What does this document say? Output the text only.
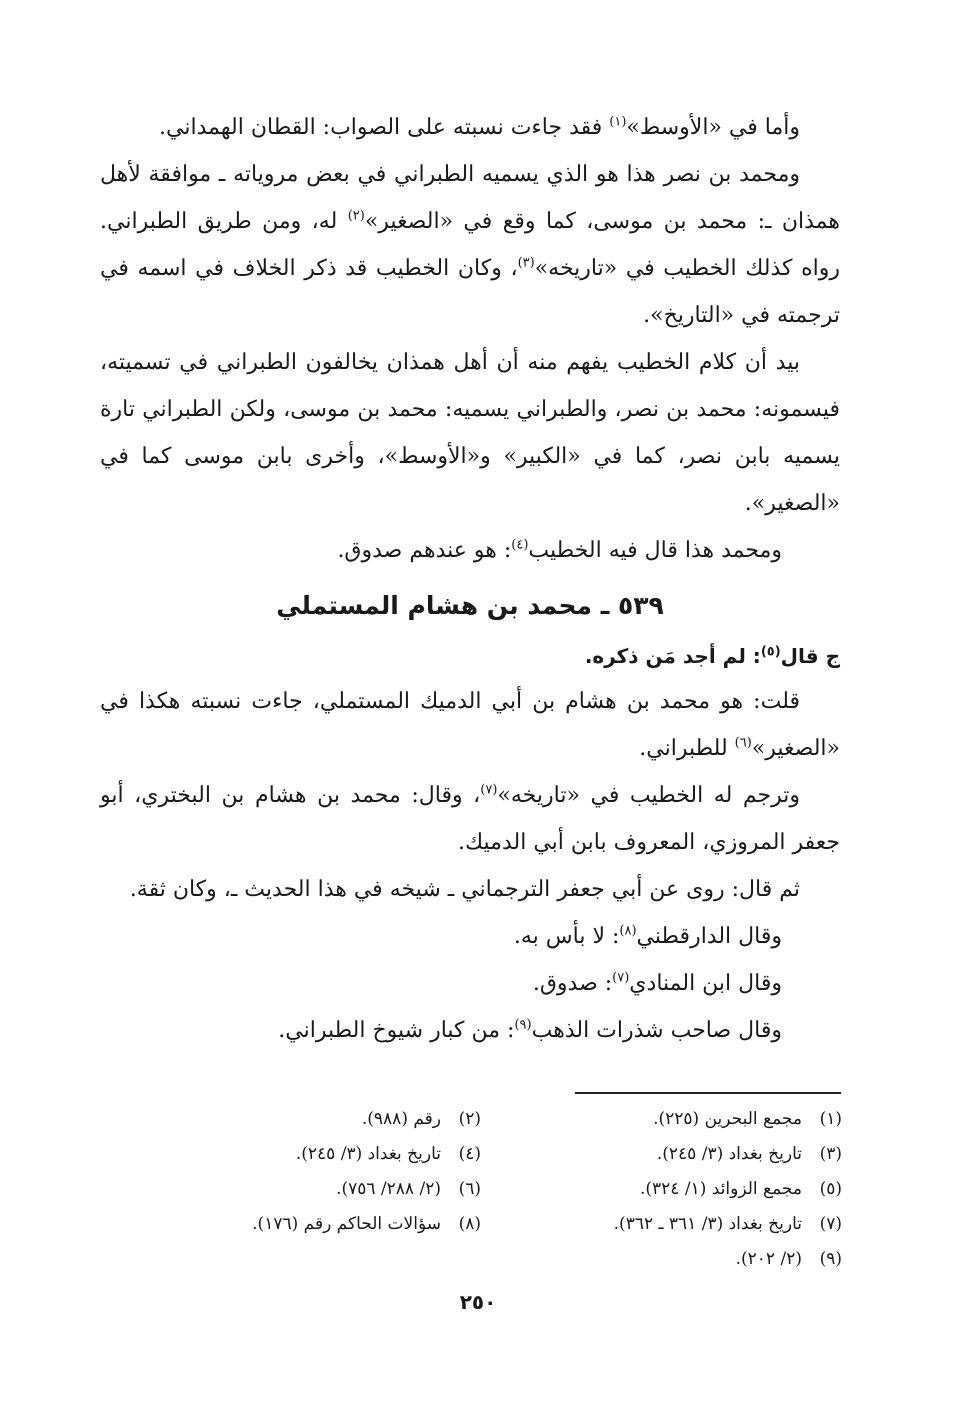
وأما في «الأوسط»$^{(١)}$ فقد جاءت نسبته على الصواب: القطان الهمداني.

ومحمد بن نصر هذا هو الذي يسميه الطبراني في بعض مروياته ـ موافقة لأهل همذان ـ: محمد بن موسى، كما وقع في «الصغير»$^{(٢)}$ له، ومن طريق الطبراني. رواه كذلك الخطيب في «تاريخه»$^{(٣)}$، وكان الخطيب قد ذكر الخلاف في اسمه في ترجمته في «التاريخ».

بيد أن كلام الخطيب يفهم منه أن أهل همذان يخالفون الطبراني في تسميته، فيسمونه: محمد بن نصر، والطبراني يسميه: محمد بن موسى، ولكن الطبراني تارة يسميه بابن نصر، كما في «الكبير» و«الأوسط»، وأخرى بابن موسى كما في «الصغير».

ومحمد هذا قال فيه الخطيب$^{(٤)}$: هو عندهم صدوق.

٥٣٩ ـ محمد بن هشام المستملي

ج قال$^{(٥)}$: لم أجد مَن ذكره.

قلت: هو محمد بن هشام بن أبي الدميك المستملي، جاءت نسبته هكذا في «الصغير»$^{(٦)}$ للطبراني.

وترجم له الخطيب في «تاريخه»$^{(٧)}$، وقال: محمد بن هشام بن البختري، أبو جعفر المروزي، المعروف بابن أبي الدميك.

ثم قال: روى عن أبي جعفر الترجماني ـ شيخه في هذا الحديث ـ، وكان ثقة.

وقال الدارقطني$^{(٨)}$: لا بأس به.

وقال ابن المنادي$^{(٧)}$: صدوق.

وقال صاحب شذرات الذهب$^{(٩)}$: من كبار شيوخ الطبراني.

(١)مجمع البحرين (٢٢٥).
(٢)رقم (٩٨٨).
(٣)تاريخ بغداد (٣/ ٢٤٥).
(٤)تاريخ بغداد (٣/ ٢٤٥).
(٥)مجمع الزوائد (١/ ٣٢٤).
(٦)(٢/ ٢٨٨/ ٧٥٦).
(٧)تاريخ بغداد (٣/ ٣٦١ ـ ٣٦٢).
(٨)سؤالات الحاكم رقم (١٧٦).
(٩)(٢/ ٢٠٢).
٢٥٠
